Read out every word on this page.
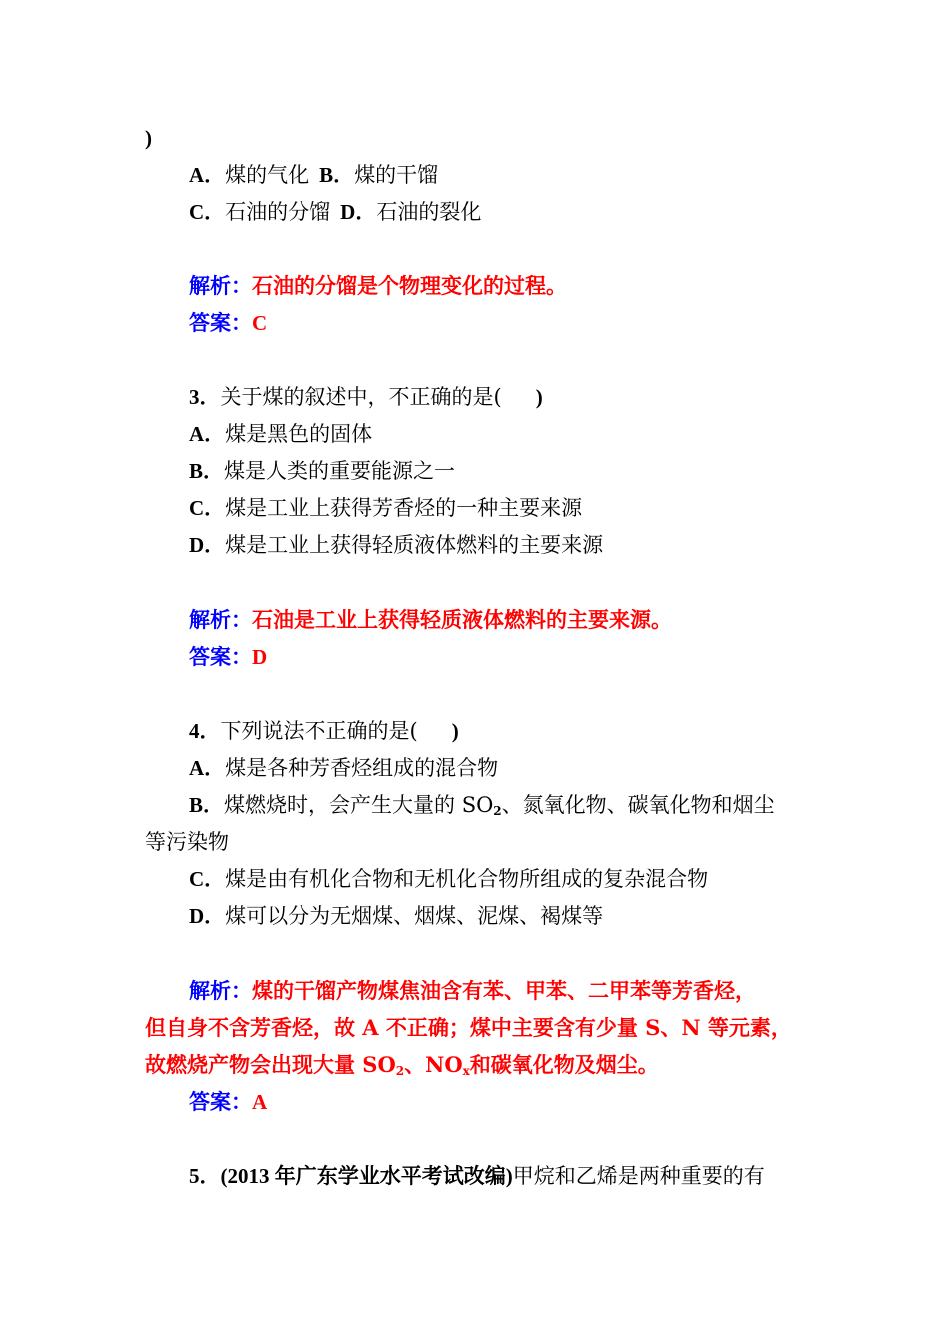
)
A．煤的气化 B．煤的干馏
C．石油的分馏 D．石油的裂化
解析：石油的分馏是个物理变化的过程。
答案：C
3．关于煤的叙述中，不正确的是( )
A．煤是黑色的固体
B．煤是人类的重要能源之一
C．煤是工业上获得芳香烃的一种主要来源
D．煤是工业上获得轻质液体燃料的主要来源
解析：石油是工业上获得轻质液体燃料的主要来源。
答案：D
4．下列说法不正确的是( )
A．煤是各种芳香烃组成的混合物
B．煤燃烧时，会产生大量的 $SO_2$、氮氧化物、碳氧化物和烟尘
等污染物
C．煤是由有机化合物和无机化合物所组成的复杂混合物
D．煤可以分为无烟煤、烟煤、泥煤、褐煤等
解析：煤的干馏产物煤焦油含有苯、甲苯、二甲苯等芳香烃，
但自身不含芳香烃，故 A 不正确；煤中主要含有少量 S、N 等元素，
故燃烧产物会出现大量 $SO_2$、$NO_x$和碳氧化物及烟尘。
答案：A
5．(2013 年广东学业水平考试改编)甲烷和乙烯是两种重要的有
